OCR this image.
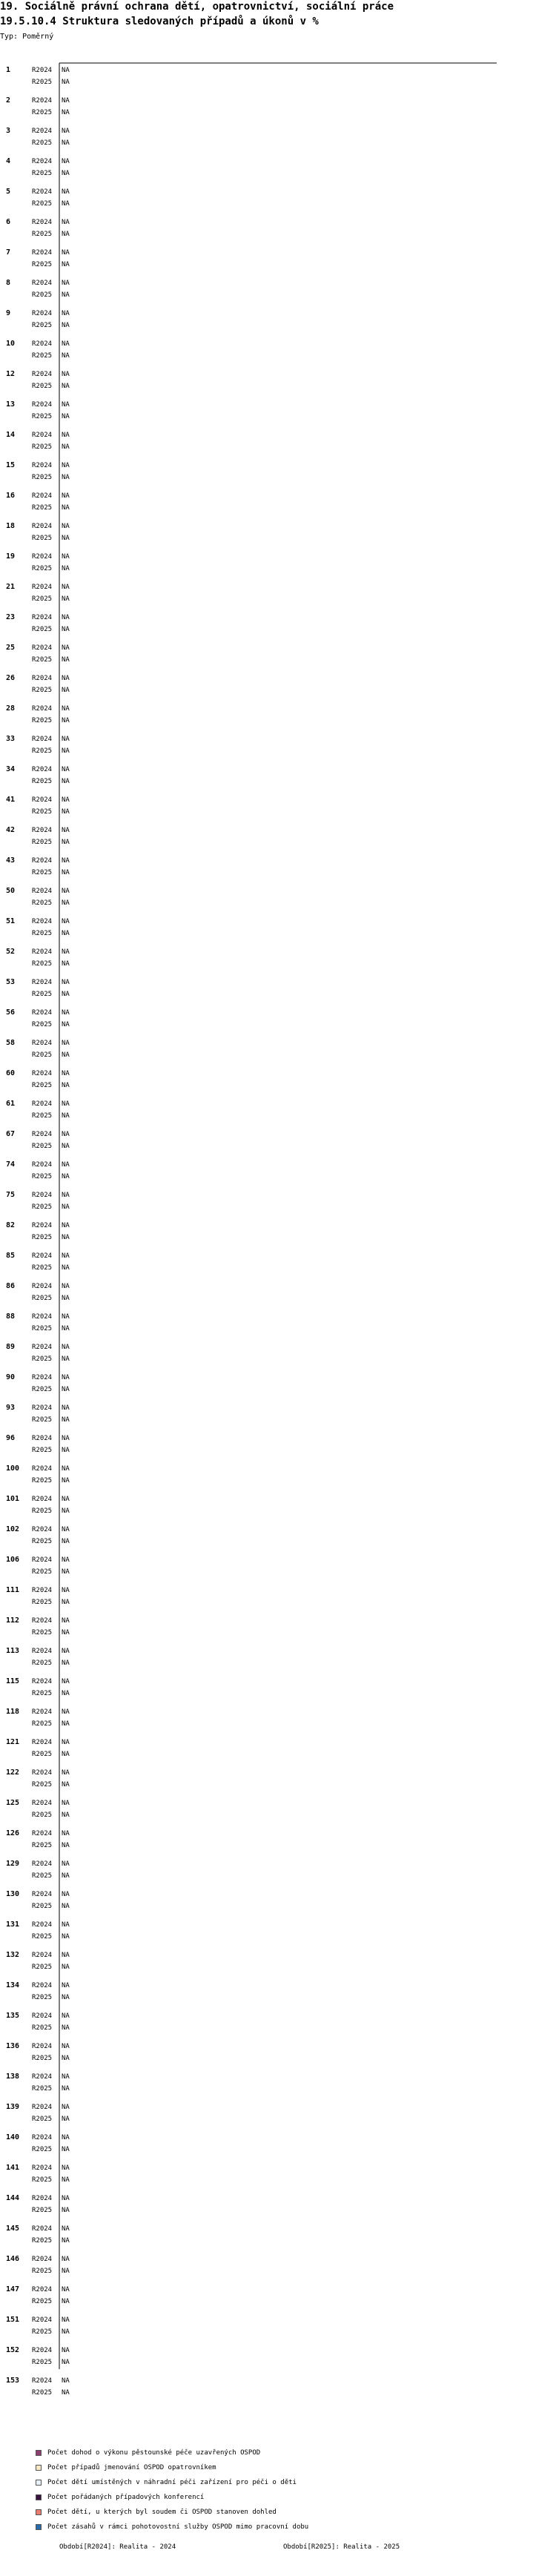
19. Sociálně právní ochrana dětí, opatrovnictví, sociální práce
19.5.10.4 Struktura sledovaných případů a úkonů v %
Typ: Poměrný
1	R2024 NA
R2025 NA
2	R2024 NA
R2025 NA
3	R2024 NA
R2025 NA
4	R2024 NA
R2025 NA
5	R2024 NA
R2025 NA
6	R2024 NA
R2025 NA
7	R2024 NA
R2025 NA
8	R2024 NA
R2025 NA
9	R2024 NA
R2025 NA
10	R2024 NA
R2025 NA
12	R2024 NA
R2025 NA
13	R2024 NA
R2025 NA
14	R2024 NA
R2025 NA
15	R2024 NA
R2025 NA
16	R2024 NA
R2025 NA
18	R2024 NA
R2025 NA
19	R2024 NA
R2025 NA
21	R2024 NA
R2025 NA
23	R2024 NA
R2025 NA
25	R2024 NA
R2025 NA
26	R2024 NA
R2025 NA
28	R2024 NA
R2025 NA
33	R2024 NA
R2025 NA
34	R2024 NA
R2025 NA
41	R2024 NA
R2025 NA
42	R2024 NA
R2025 NA
43	R2024 NA
R2025 NA
50	R2024 NA
R2025 NA
51	R2024 NA
R2025 NA
52	R2024 NA
R2025 NA
53	R2024 NA
R2025 NA
56	R2024 NA
R2025 NA
58	R2024 NA
R2025 NA
60	R2024 NA
R2025 NA
61	R2024 NA
R2025 NA
67	R2024 NA
R2025 NA
74	R2024 NA
R2025 NA
75	R2024 NA
R2025 NA
82	R2024 NA
R2025 NA
85	R2024 NA
R2025 NA
86	R2024 NA
R2025 NA
88	R2024 NA
R2025 NA
89	R2024 NA
R2025 NA
90	R2024 NA
R2025 NA
93	R2024 NA
R2025 NA
96	R2024 NA
R2025 NA
100 R2024 NA
R2025 NA
101 R2024 NA
R2025 NA
102 R2024 NA
R2025 NA
106 R2024 NA
R2025 NA
111 R2024 NA
R2025 NA
112 R2024 NA
R2025 NA
113 R2024 NA
R2025 NA
115 R2024 NA
R2025 NA
118 R2024 NA
R2025 NA
121 R2024 NA
R2025 NA
122 R2024 NA
R2025 NA
125 R2024 NA
R2025 NA
126 R2024 NA
R2025 NA
129 R2024 NA
R2025 NA
130 R2024 NA
R2025 NA
131 R2024 NA
R2025 NA
132 R2024 NA
R2025 NA
134 R2024 NA
R2025 NA
135 R2024 NA
R2025 NA
136 R2024 NA
R2025 NA
138 R2024 NA
R2025 NA
139 R2024 NA
R2025 NA
140 R2024 NA
R2025 NA
141 R2024 NA
R2025 NA
144 R2024 NA
R2025 NA
145 R2024 NA
R2025 NA
146 R2024 NA
R2025 NA
147 R2024 NA
R2025 NA
151 R2024 NA
R2025 NA
152 R2024 NA
R2025 NA
153 R2024 NA
R2025 NA
Počet dohod o výkonu pěstounské péče uzavřených OSPOD
Počet případů jmenování OSPOD opatrovníkem
Počet dětí umístěných v náhradní péči zařízení pro péči o děti
Počet pořádaných případových konferencí
Počet dětí, u kterých byl soudem či OSPOD stanoven dohled
Počet zásahů v rámci pohotovostní služby OSPOD mimo pracovní dobu
Období[R2024]: Realita - 2024	Období[R2025]: Realita - 2025
